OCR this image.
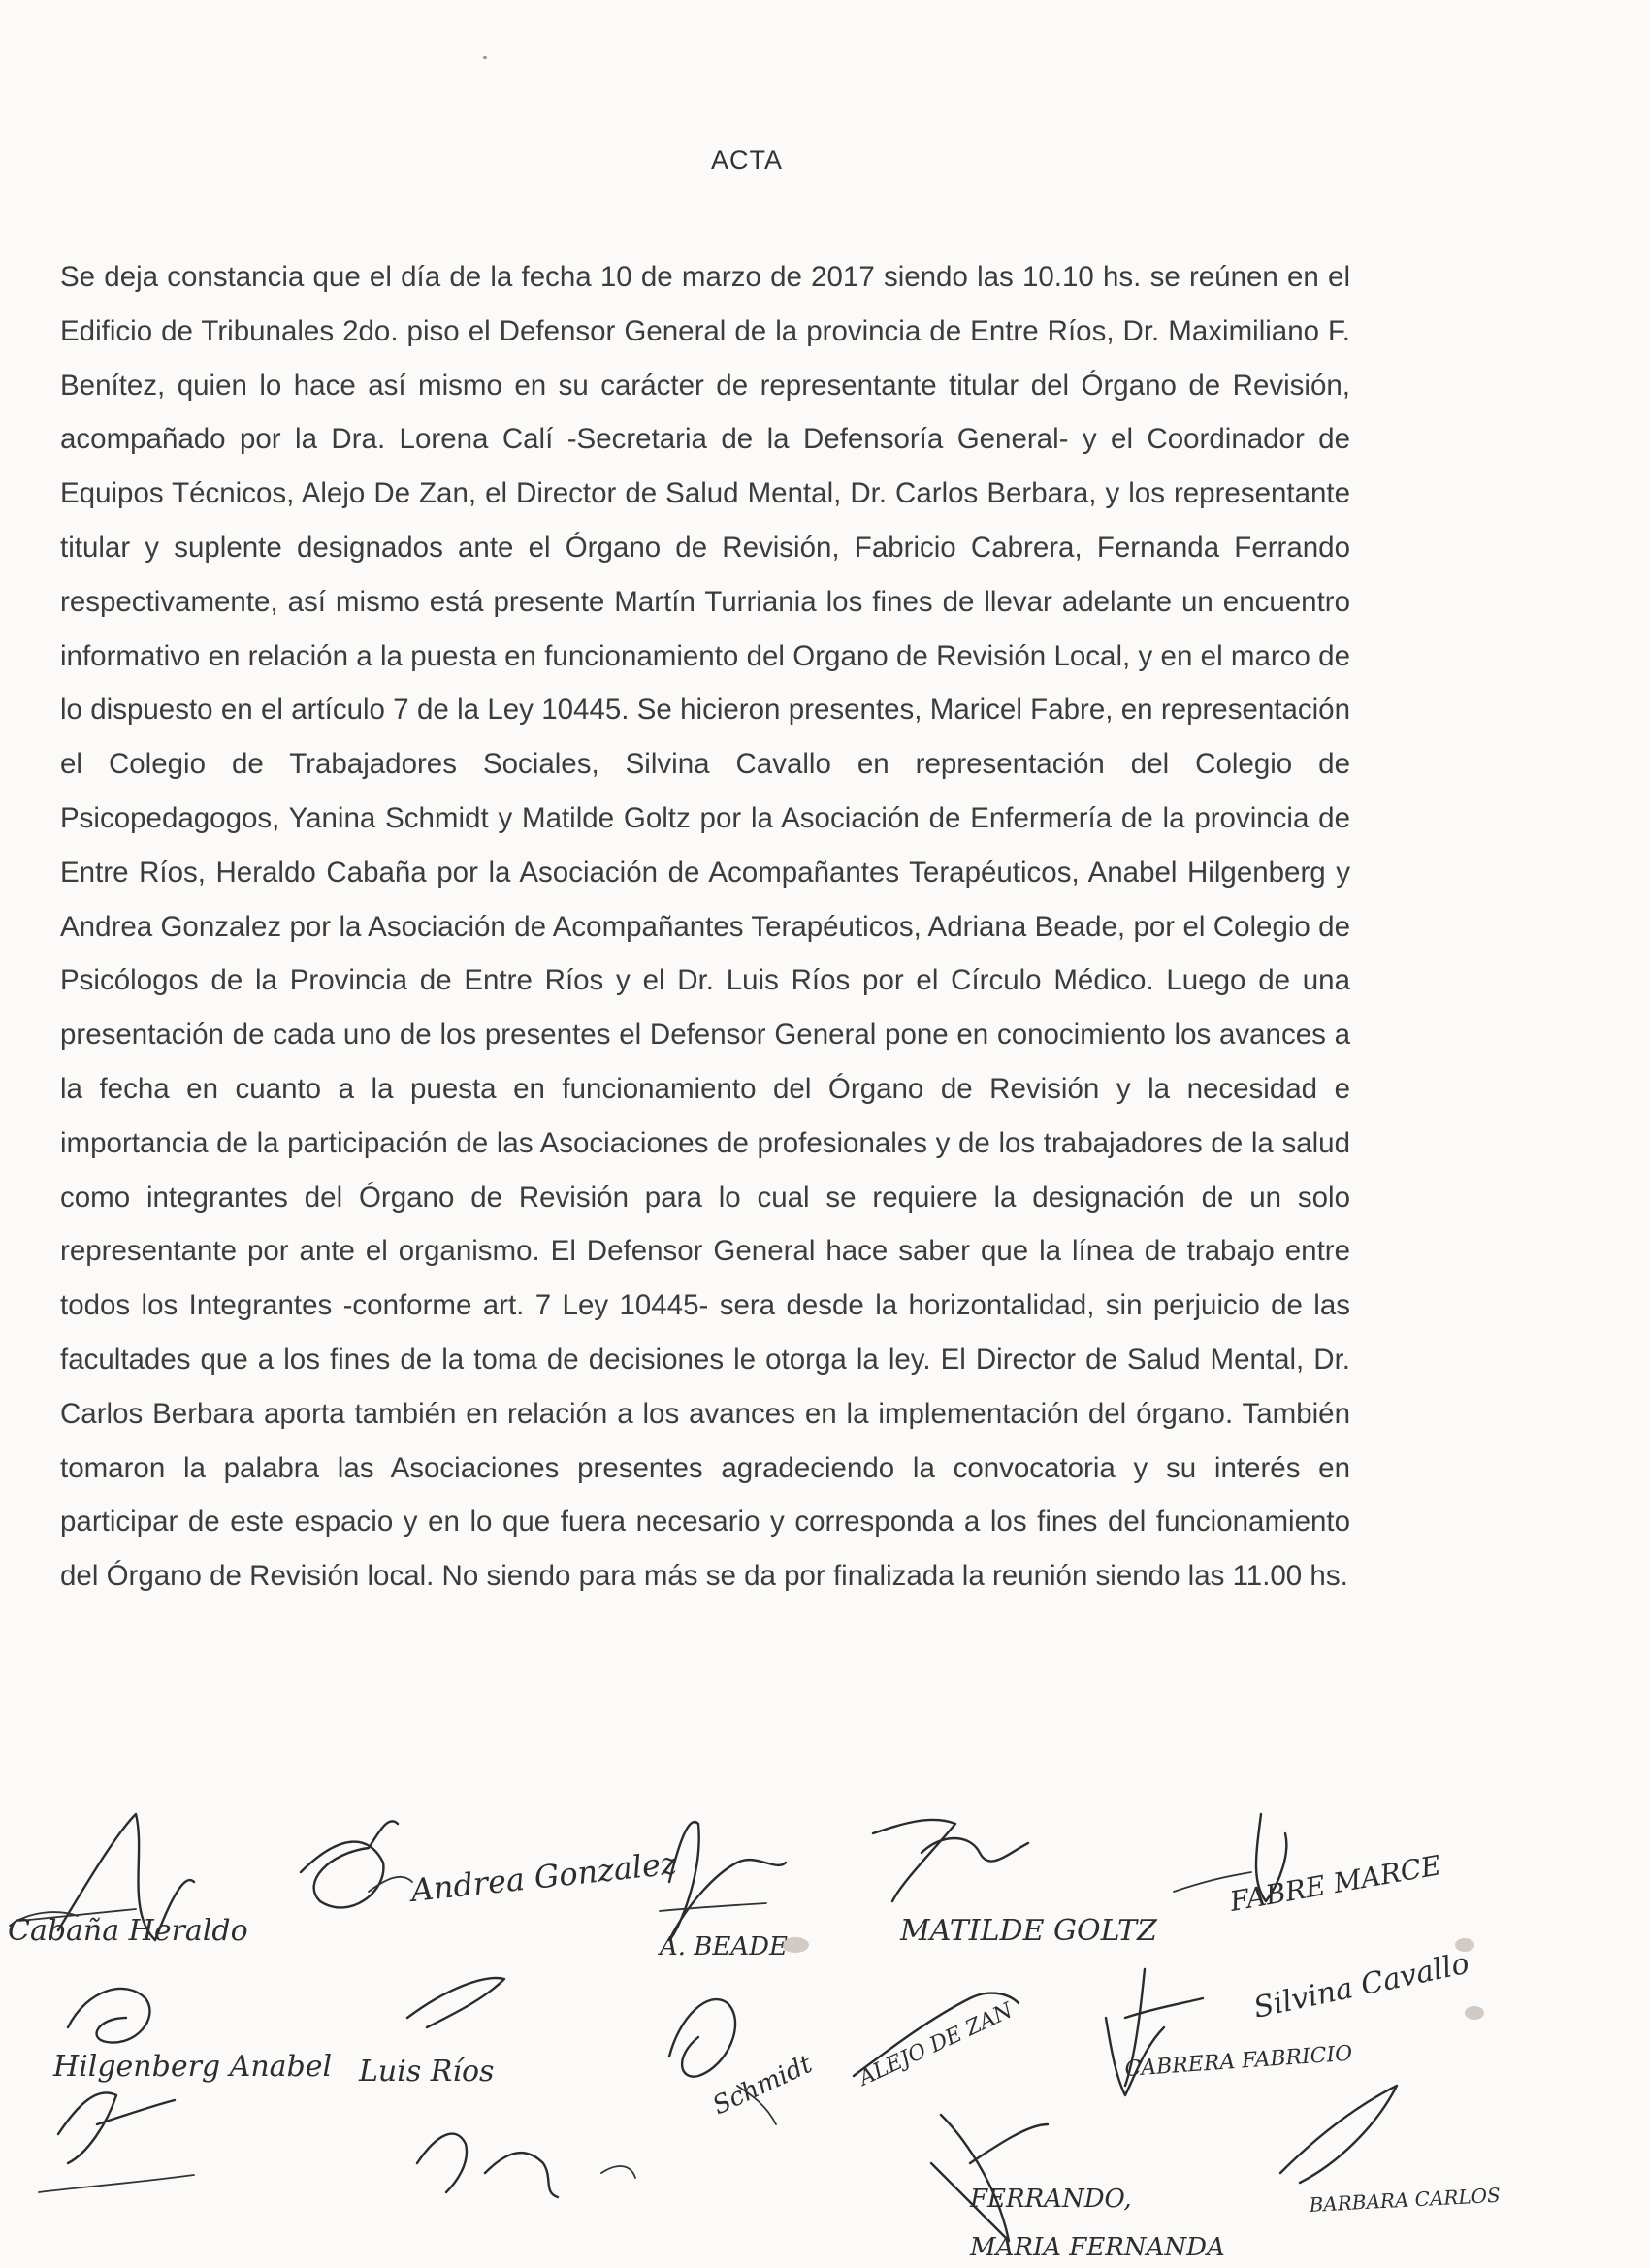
ACTA

Se deja constancia que el día de la fecha 10 de marzo de 2017 siendo las 10.10 hs. se reúnen en el Edificio de Tribunales 2do. piso el Defensor General de la provincia de Entre Ríos, Dr. Maximiliano F. Benítez, quien lo hace así mismo en su carácter de representante titular del Órgano de Revisión, acompañado por la Dra. Lorena Calí -Secretaria de la Defensoría General- y el Coordinador de Equipos Técnicos, Alejo De Zan, el Director de Salud Mental, Dr. Carlos Berbara, y los representante titular y suplente designados ante el Órgano de Revisión, Fabricio Cabrera, Fernanda Ferrando respectivamente, así mismo está presente Martín Turriania los fines de llevar adelante un encuentro informativo en relación a la puesta en funcionamiento del Organo de Revisión Local, y en el marco de lo dispuesto en el artículo 7 de la Ley 10445. Se hicieron presentes, Maricel Fabre, en representación el Colegio de Trabajadores Sociales, Silvina Cavallo en representación del Colegio de Psicopedagogos, Yanina Schmidt y Matilde Goltz por la Asociación de Enfermería de la provincia de Entre Ríos, Heraldo Cabaña por la Asociación de Acompañantes Terapéuticos, Anabel Hilgenberg y Andrea Gonzalez por la Asociación de Acompañantes Terapéuticos, Adriana Beade, por el Colegio de Psicólogos de la Provincia de Entre Ríos y el Dr. Luis Ríos por el Círculo Médico. Luego de una presentación de cada uno de los presentes el Defensor General pone en conocimiento los avances a la fecha en cuanto a la puesta en funcionamiento del Órgano de Revisión y la necesidad e importancia de la participación de las Asociaciones de profesionales y de los trabajadores de la salud como integrantes del Órgano de Revisión para lo cual se requiere la designación de un solo representante por ante el organismo. El Defensor General hace saber que la línea de trabajo entre todos los Integrantes -conforme art. 7 Ley 10445- sera desde la horizontalidad, sin perjuicio de las facultades que a los fines de la toma de decisiones le otorga la ley. El Director de Salud Mental, Dr. Carlos Berbara aporta también en relación a los avances en la implementación del órgano. También tomaron la palabra las Asociaciones presentes agradeciendo la convocatoria y su interés en participar de este espacio y en lo que fuera necesario y corresponda a los fines del funcionamiento del Órgano de Revisión local. No siendo para más se da por finalizada la reunión siendo las 11.00 hs.

Cabaña Heraldo
Andrea Gonzalez
A. BEADE	MATILDE GOLTZ
FABRE MARCE
Silvina Cavallo
Hilgenberg Anabel Luis Ríos	Schmidt ALEJO DE ZAN	CABRERA FABRICIO
FERRANDO,
MARIA FERNANDA
BARBARA CARLOS
